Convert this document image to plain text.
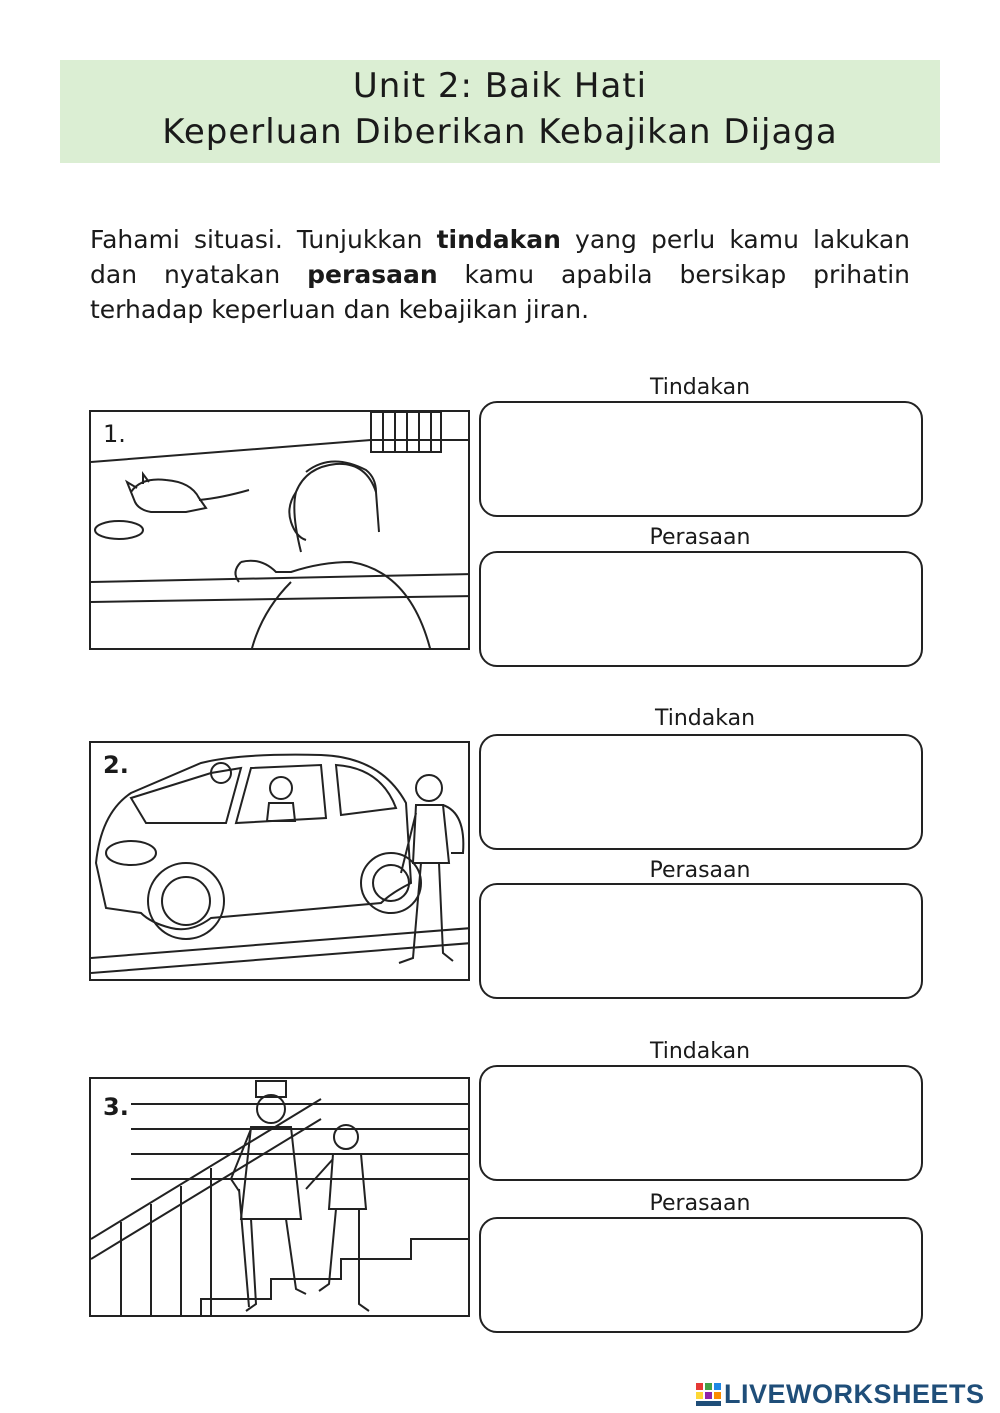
Unit 2: Baik Hati
Keperluan Diberikan Kebajikan Dijaga
Fahami situasi. Tunjukkan tindakan yang perlu kamu lakukan dan nyatakan perasaan kamu apabila bersikap prihatin terhadap keperluan dan kebajikan jiran.
1.
Tindakan
Perasaan
2.
Tindakan
Perasaan
3.
Tindakan
Perasaan
LIVEWORKSHEETS
